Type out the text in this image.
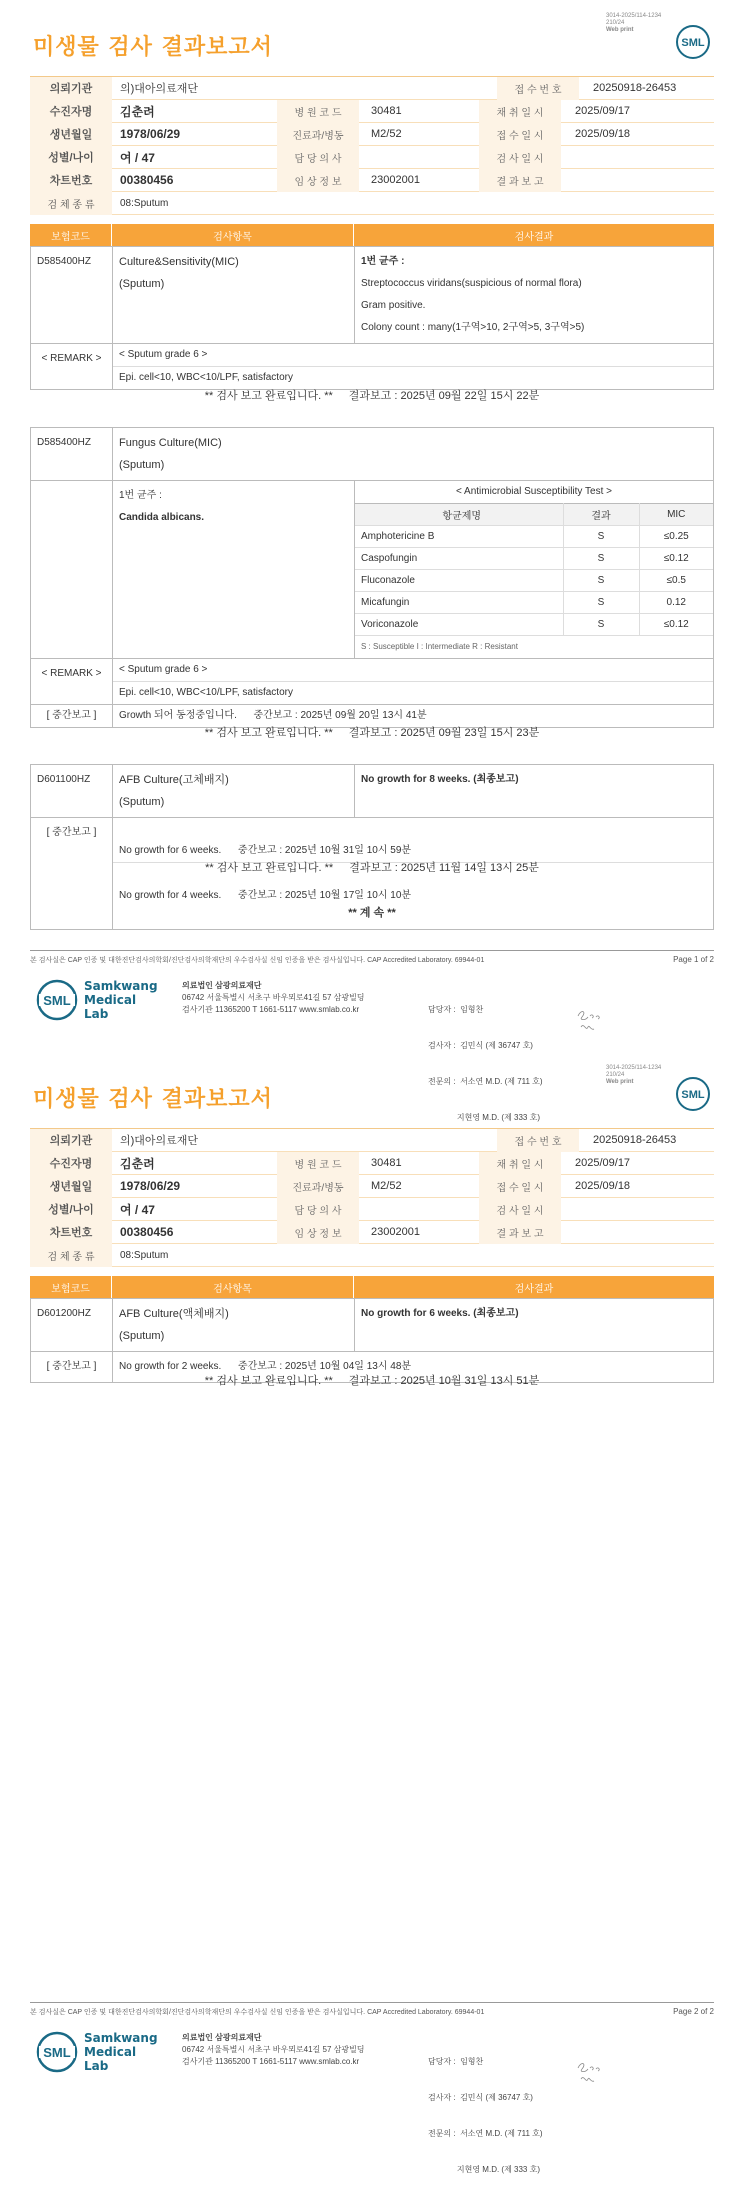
3014-2025/114-1234
210/24
Web print
미생물 검사 결과보고서	SML
의뢰기관	의)대아의료재단	접 수 번 호	20250918-26453
수진자명	김춘려	병 원 코 드	30481	채 취 일 시	2025/09/17
생년월일	1978/06/29	진료과/병동	M2/52	접 수 일 시	2025/09/18
성별/나이	여 / 47	담 당 의 사	검 사 일 시
차트번호	00380456	임 상 정 보	23002001	결 과 보 고
검 체 종 류	08:Sputum
보험코드	검사항목	검사결과
D585400HZ	Culture&Sensitivity(MIC)
(Sputum)
1번 균주 :
Streptococcus viridans(suspicious of normal flora)
Gram positive.
Colony count : many(1구역>10, 2구역>5, 3구역>5)
< REMARK >	< Sputum grade 6 >
Epi. cell<10, WBC<10/LPF, satisfactory
** 검사 보고 완료입니다. ** 결과보고 : 2025년 09월 22일 15시 22분
D585400HZ	Fungus Culture(MIC)
(Sputum)
1번 균주 :
Candida albicans.
< Antimicrobial Susceptibility Test >
항균제명	결과	MIC
Amphotericine B	S	≤0.25
Caspofungin	S	≤0.12
Fluconazole	S	≤0.5
Micafungin	S	0.12
Voriconazole	S	≤0.12
S : Susceptible I : Intermediate R : Resistant
< REMARK >	< Sputum grade 6 >
Epi. cell<10, WBC<10/LPF, satisfactory
[ 중간보고 ]	Growth 되어 동정중입니다.      중간보고 : 2025년 09월 20일 13시 41분
** 검사 보고 완료입니다. ** 결과보고 : 2025년 09월 23일 15시 23분
D601100HZ	AFB Culture(고체배지)
(Sputum)
No growth for 8 weeks. (최종보고)
[ 중간보고 ]

No growth for 6 weeks.      중간보고 : 2025년 10월 31일 10시 59분

No growth for 4 weeks.      중간보고 : 2025년 10월 17일 10시 10분

** 검사 보고 완료입니다. ** 결과보고 : 2025년 11월 14일 13시 25분
** 계 속 **
본 검사실은 CAP 인증 및 대한진단검사의학회/진단검사의학재단의 우수검사실 신임 인증을 받은 검사실입니다. CAP Accredited Laboratory. 69944-01	Page 1 of 2
SML
Samkwang
Medical Lab
의료법인 삼광의료재단
06742 서울특별시 서초구 바우뫼로41길 57 삼광빌딩
검사기관 11365200 T 1661-5117 www.smlab.co.kr

	담당자 :  임형찬

검사자 :  김민식 (제 36747 호)

전문의 :  서소연 M.D. (제 711 호)

지현영 M.D. (제 333 호)

3014-2025/114-1234
210/24
Web print
미생물 검사 결과보고서	SML
의뢰기관	의)대아의료재단	접 수 번 호	20250918-26453
수진자명	김춘려	병 원 코 드	30481	채 취 일 시	2025/09/17
생년월일	1978/06/29	진료과/병동	M2/52	접 수 일 시	2025/09/18
성별/나이	여 / 47	담 당 의 사	검 사 일 시
차트번호	00380456	임 상 정 보	23002001	결 과 보 고
검 체 종 류	08:Sputum
보험코드	검사항목	검사결과
D601200HZ	AFB Culture(액체배지)
(Sputum)
No growth for 6 weeks. (최종보고)
[ 중간보고 ]	No growth for 2 weeks.      중간보고 : 2025년 10월 04일 13시 48분
** 검사 보고 완료입니다. ** 결과보고 : 2025년 10월 31일 13시 51분
본 검사실은 CAP 인증 및 대한진단검사의학회/진단검사의학재단의 우수검사실 신임 인증을 받은 검사실입니다. CAP Accredited Laboratory. 69944-01	Page 2 of 2
SML
Samkwang
Medical Lab
의료법인 삼광의료재단
06742 서울특별시 서초구 바우뫼로41길 57 삼광빌딩
검사기관 11365200 T 1661-5117 www.smlab.co.kr

	담당자 :  임형찬

검사자 :  김민식 (제 36747 호)

전문의 :  서소연 M.D. (제 711 호)

지현영 M.D. (제 333 호)
